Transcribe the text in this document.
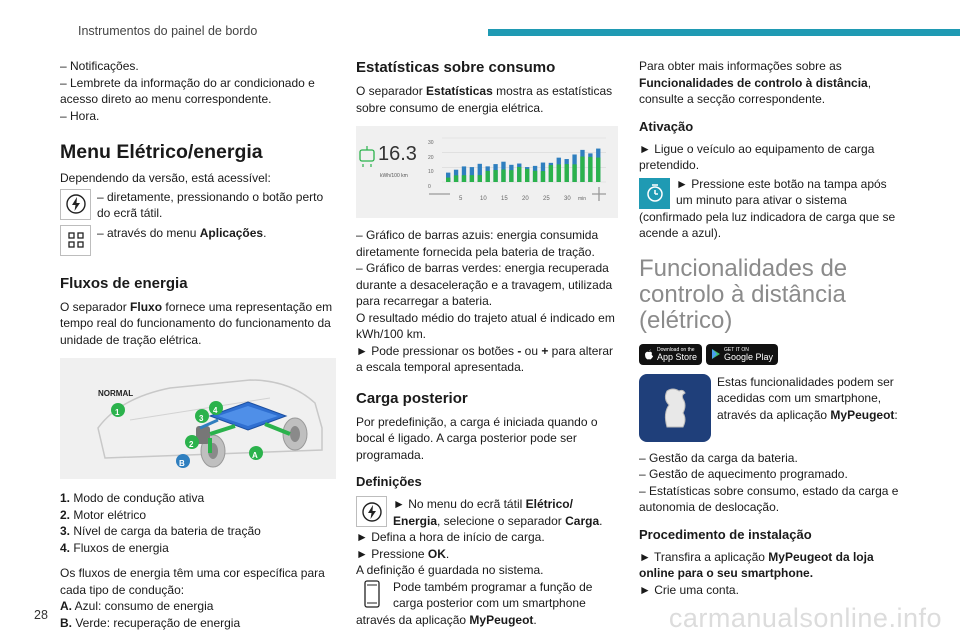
Instrumentos do painel de bordo

– Notificações.

– Lembrete da informação do ar condicionado e acesso direto ao menu correspondente.

– Hora.

Menu Elétrico/energia

Dependendo da versão, está acessível:

– diretamente, pressionando o botão perto do ecrã tátil.

– através do menu Aplicações.

Fluxos de energia

O separador Fluxo fornece uma representação em tempo real do funcionamento do funcionamento da unidade de tração elétrica.

NORMAL
1
2
3
4
A
B

1. Modo de condução ativa

2. Motor elétrico

3. Nível de carga da bateria de tração

4. Fluxos de energia

Os fluxos de energia têm uma cor específica para cada tipo de condução:

A. Azul: consumo de energia

B. Verde: recuperação de energia

Estatísticas sobre consumo

O separador Estatísticas mostra as estatísticas sobre consumo de energia elétrica.

16.3
kWh/100 km
30
20
10
0
5	10 15 20 25 30 min

– Gráfico de barras azuis: energia consumida diretamente fornecida pela bateria de tração.

– Gráfico de barras verdes: energia recuperada durante a desaceleração e a travagem, utilizada para recarregar a bateria.

O resultado médio do trajeto atual é indicado em kWh/100 km.

► Pode pressionar os botões - ou + para alterar a escala temporal apresentada.

Carga posterior

Por predefinição, a carga é iniciada quando o bocal é ligado. A carga posterior pode ser programada.

Definições

► No menu do ecrã tátil Elétrico/ Energia, selecione o separador Carga.

► Defina a hora de início de carga.

► Pressione OK.

A definição é guardada no sistema.

Pode também programar a função de carga posterior com um smartphone através da aplicação MyPeugeot.

Para obter mais informações sobre as Funcionalidades de controlo à distância, consulte a secção correspondente.

Ativação

► Ligue o veículo ao equipamento de carga pretendido.

► Pressione este botão na tampa após um minuto para ativar o sistema (confirmado pela luz indicadora de carga que se acende a azul).

Funcionalidades de controlo à distância (elétrico)
Download on the
App Store
GET IT ON
Google Play

Estas funcionalidades podem ser acedidas com um smartphone, através da aplicação MyPeugeot:

– Gestão da carga da bateria.

– Gestão de aquecimento programado.

– Estatísticas sobre consumo, estado da carga e autonomia de deslocação.

Procedimento de instalação

► Transfira a aplicação MyPeugeot da loja online para o seu smartphone.

► Crie uma conta.

28	carmanualsonline.info
